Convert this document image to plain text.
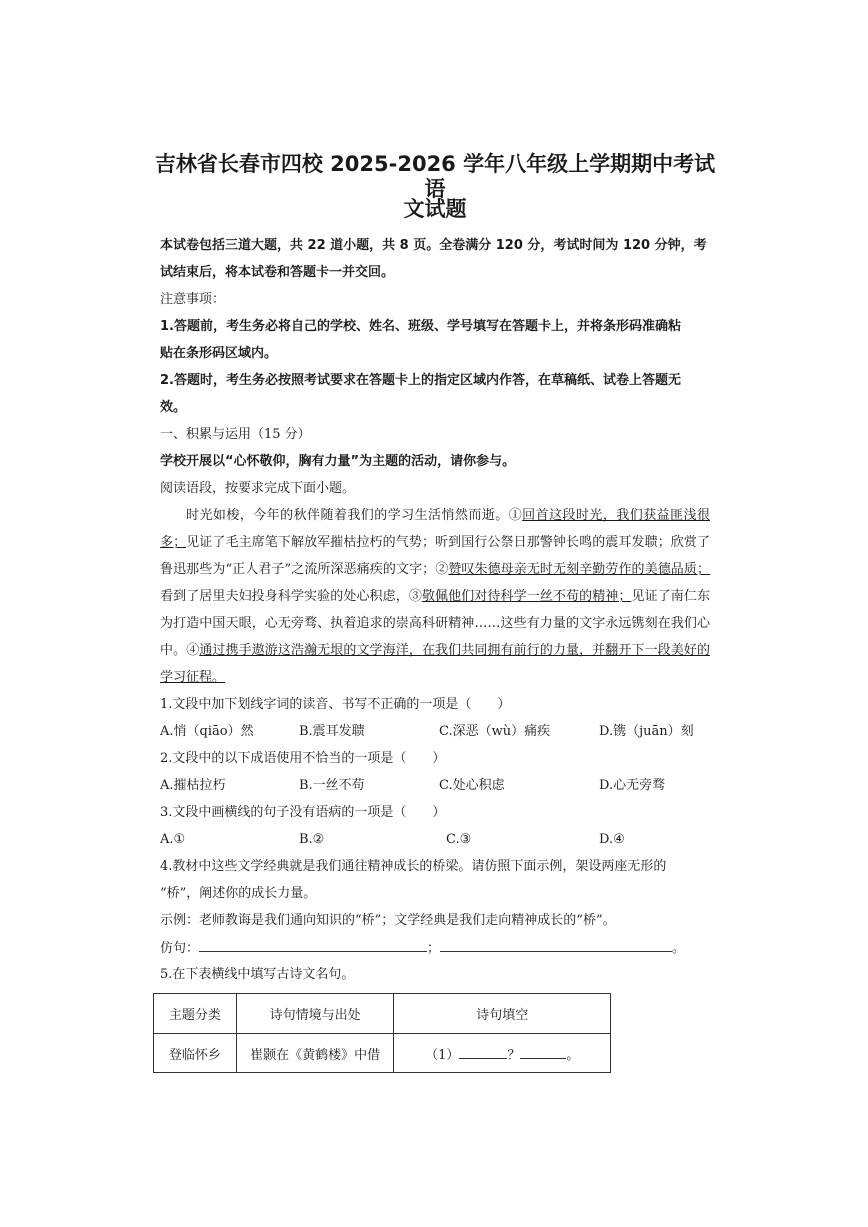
吉林省长春市四校 2025-2026 学年八年级上学期期中考试语
文试题
本试卷包括三道大题，共 22 道小题，共 8 页。全卷满分 120 分，考试时间为 120 分钟，考
试结束后，将本试卷和答题卡一并交回。
注意事项：
1.答题前，考生务必将自己的学校、姓名、班级、学号填写在答题卡上，并将条形码准确粘
贴在条形码区域内。
2.答题时，考生务必按照考试要求在答题卡上的指定区域内作答，在草稿纸、试卷上答题无
效。
一、积累与运用（15 分）
学校开展以“心怀敬仰，胸有力量”为主题的活动，请你参与。
阅读语段，按要求完成下面小题。
时光如梭，今年的秋伴随着我们的学习生活悄然而逝。①回首这段时光，我们获益匪浅很多；见证了毛主席笔下解放军摧枯拉朽的气势；听到国行公祭日那警钟长鸣的震耳发聩；欣赏了鲁迅那些为“正人君子”之流所深恶痛疾的文字；②赞叹朱德母亲无时无刻辛勤劳作的美德品质；看到了居里夫妇投身科学实验的处心积虑，③敬佩他们对待科学一丝不苟的精神；见证了南仁东为打造中国天眼，心无旁骛、执着追求的崇高科研精神……这些有力量的文字永远镌刻在我们心中。④通过携手遨游这浩瀚无垠的文学海洋，在我们共同拥有前行的力量，并翻开下一段美好的学习征程。
1.文段中加下划线字词的读音、书写不正确的一项是（　　）
A.悄（qiāo）然	B.震耳发聩	C.深恶（wù）痛疾	D.镌（juān）刻
2.文段中的以下成语使用不恰当的一项是（　　）
A.摧枯拉朽	B.一丝不苟	C.处心积虑	D.心无旁骛
3.文段中画横线的句子没有语病的一项是（　　）
A.①	B.②	C.③	D.④
4.教材中这些文学经典就是我们通往精神成长的桥梁。请仿照下面示例，架设两座无形的
“桥”，阐述你的成长力量。
示例：老师教诲是我们通向知识的“桥”；文学经典是我们走向精神成长的“桥”。
仿句：	；	。
5.在下表横线中填写古诗文名句。
主题分类	诗句情境与出处	诗句填空
登临怀乡	崔颢在《黄鹤楼》中借	（1） ？ 。
